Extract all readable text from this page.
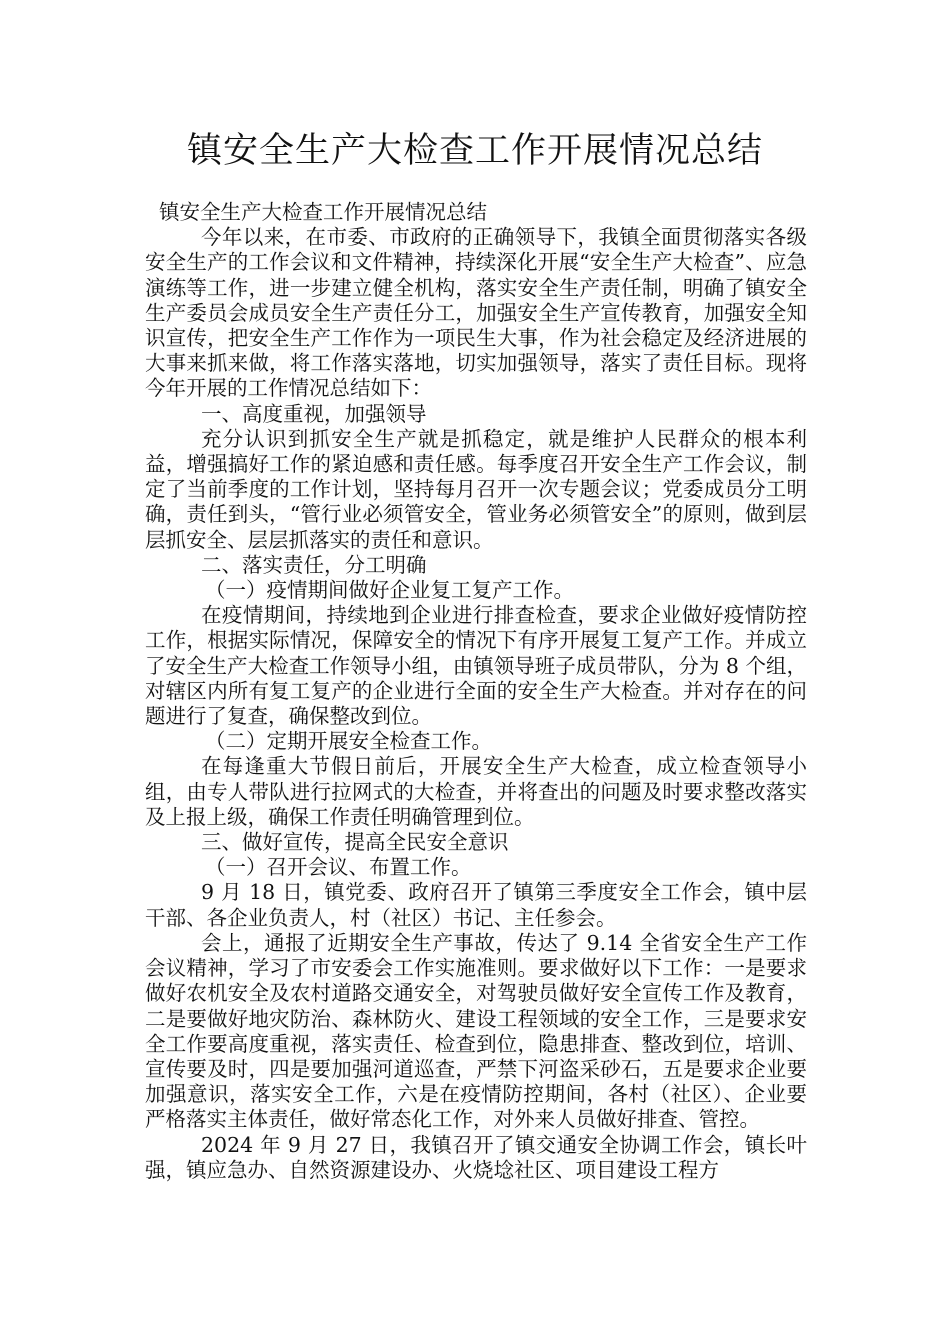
镇安全生产大检查工作开展情况总结

镇安全生产大检查工作开展情况总结

今年以来，在市委、市政府的正确领导下，我镇全面贯彻落实各级安全生产的工作会议和文件精神，持续深化开展“安全生产大检查”、应急演练等工作，进一步建立健全机构，落实安全生产责任制，明确了镇安全生产委员会成员安全生产责任分工，加强安全生产宣传教育，加强安全知识宣传，把安全生产工作作为一项民生大事，作为社会稳定及经济进展的大事来抓来做，将工作落实落地，切实加强领导，落实了责任目标。现将今年开展的工作情况总结如下：

一、高度重视，加强领导

充分认识到抓安全生产就是抓稳定，就是维护人民群众的根本利益，增强搞好工作的紧迫感和责任感。每季度召开安全生产工作会议，制定了当前季度的工作计划，坚持每月召开一次专题会议；党委成员分工明确，责任到头，“管行业必须管安全，管业务必须管安全”的原则，做到层层抓安全、层层抓落实的责任和意识。

二、落实责任，分工明确

（一）疫情期间做好企业复工复产工作。

在疫情期间，持续地到企业进行排查检查，要求企业做好疫情防控工作，根据实际情况，保障安全的情况下有序开展复工复产工作。并成立了安全生产大检查工作领导小组，由镇领导班子成员带队，分为 8 个组，对辖区内所有复工复产的企业进行全面的安全生产大检查。并对存在的问题进行了复查，确保整改到位。

（二）定期开展安全检查工作。

在每逢重大节假日前后，开展安全生产大检查，成立检查领导小组，由专人带队进行拉网式的大检查，并将查出的问题及时要求整改落实及上报上级，确保工作责任明确管理到位。

三、做好宣传，提高全民安全意识

（一）召开会议、布置工作。

9 月 18 日，镇党委、政府召开了镇第三季度安全工作会，镇中层干部、各企业负责人，村（社区）书记、主任参会。

会上，通报了近期安全生产事故，传达了 9.14 全省安全生产工作会议精神，学习了市安委会工作实施准则。要求做好以下工作：一是要求做好农机安全及农村道路交通安全，对驾驶员做好安全宣传工作及教育，二是要做好地灾防治、森林防火、建设工程领域的安全工作，三是要求安全工作要高度重视，落实责任、检查到位，隐患排查、整改到位，培训、宣传要及时，四是要加强河道巡查，严禁下河盗采砂石，五是要求企业要加强意识，落实安全工作，六是在疫情防控期间，各村（社区）、企业要严格落实主体责任，做好常态化工作，对外来人员做好排查、管控。

2024 年 9 月 27 日，我镇召开了镇交通安全协调工作会，镇长叶强，镇应急办、自然资源建设办、火烧埝社区、项目建设工程方
